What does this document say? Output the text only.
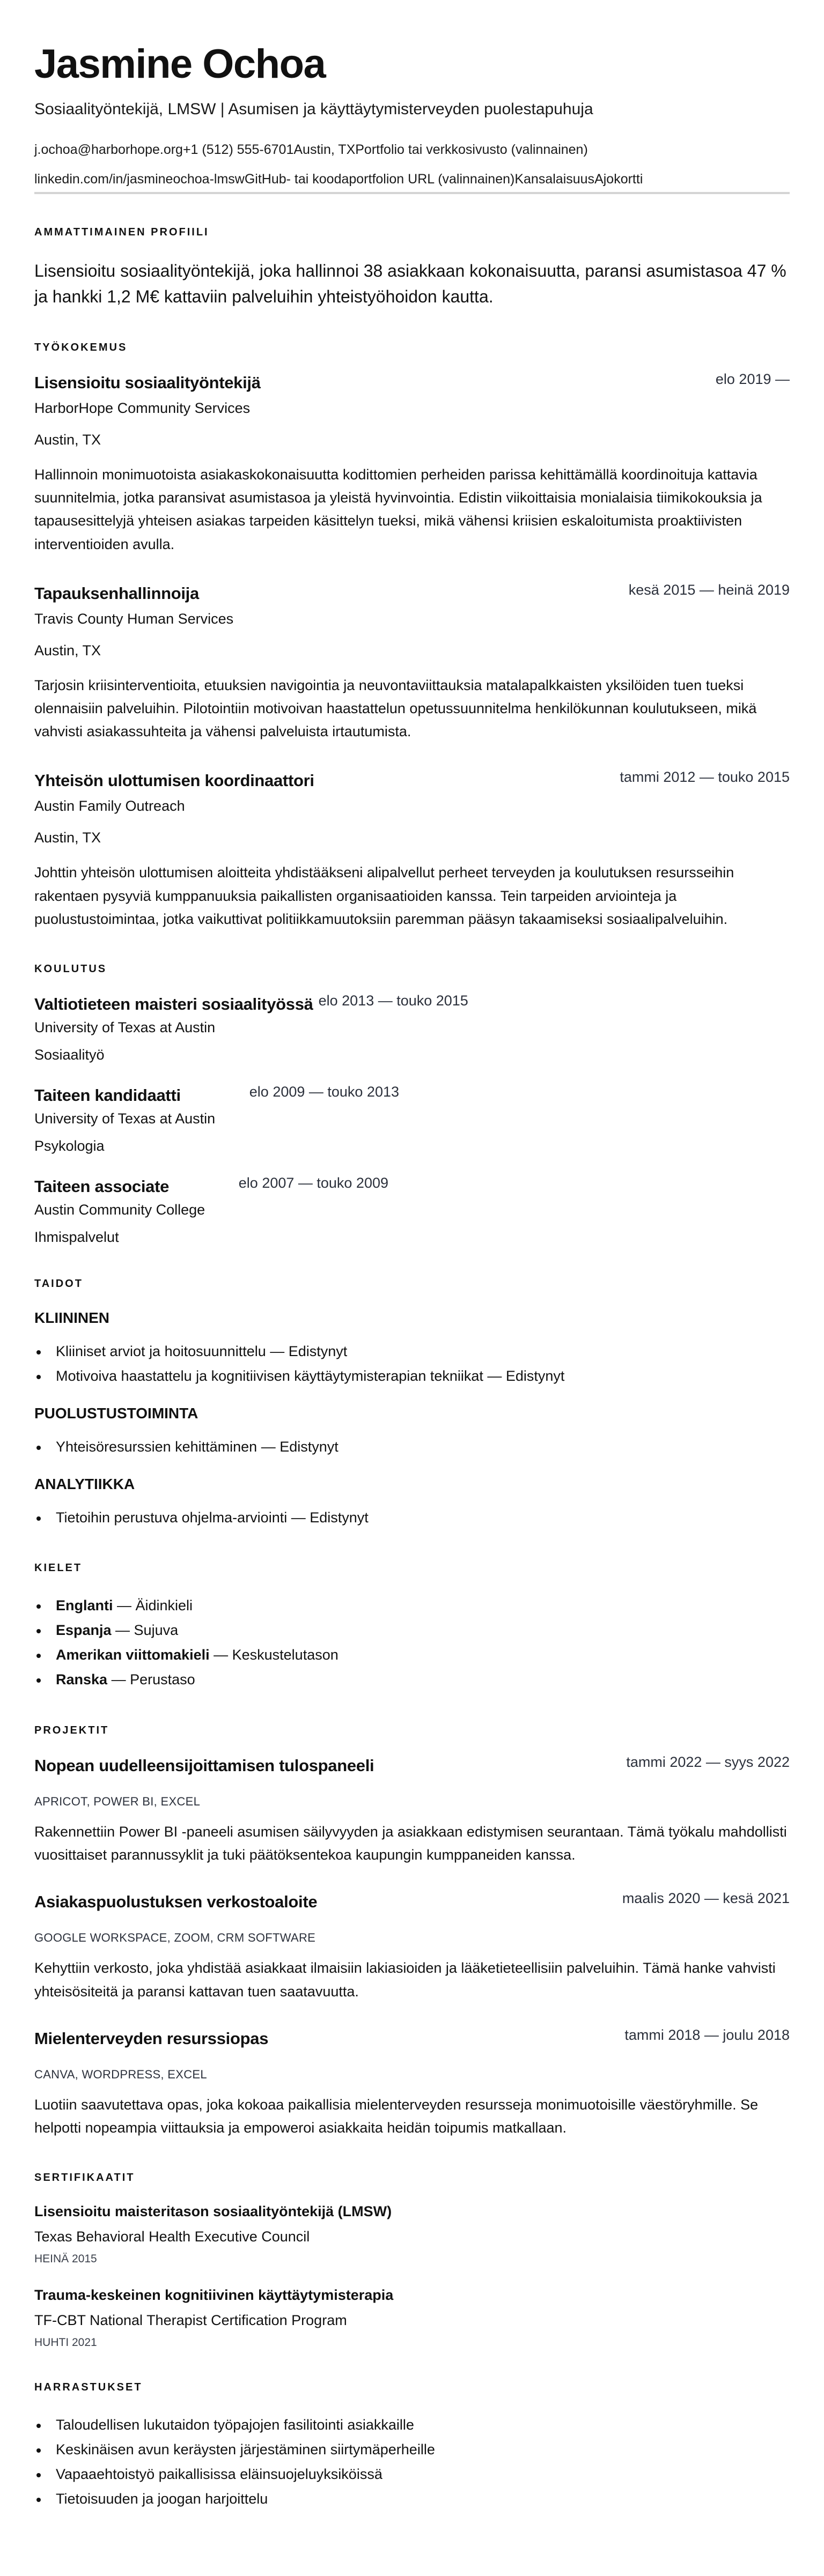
Jasmine Ochoa
Sosiaalityöntekijä, LMSW | Asumisen ja käyttäytymisterveyden puolestapuhuja
j.ochoa@harborhope.org+1 (512) 555-6701Austin, TXPortfolio tai verkkosivusto (valinnainen)
linkedin.com/in/jasmineochoa-lmswGitHub- tai koodaportfolion URL (valinnainen)KansalaisuusAjokortti
AMMATTIMAINEN PROFIILI

Lisensioitu sosiaalityöntekijä, joka hallinnoi 38 asiakkaan kokonaisuutta, paransi asumistasoa 47 % ja hankki 1,2 M€ kattaviin palveluihin yhteistyöhoidon kautta.

TYÖKOKEMUS
Lisensioitu sosiaalityöntekijä	elo 2019 —
HarborHope Community Services
Austin, TX
Hallinnoin monimuotoista asiakaskokonaisuutta kodittomien perheiden parissa kehittämällä koordinoituja kattavia suunnitelmia, jotka paransivat asumistasoa ja yleistä hyvinvointia. Edistin viikoittaisia monialaisia tiimikokouksia ja tapausesittelyjä yhteisen asiakas tarpeiden käsittelyn tueksi, mikä vähensi kriisien eskaloitumista proaktiivisten interventioiden avulla.
Tapauksenhallinnoija	kesä 2015 — heinä 2019
Travis County Human Services
Austin, TX
Tarjosin kriisinterventioita, etuuksien navigointia ja neuvontaviittauksia matalapalkkaisten yksilöiden tuen tueksi olennaisiin palveluihin. Pilotointiin motivoivan haastattelun opetussuunnitelma henkilökunnan koulutukseen, mikä vahvisti asiakassuhteita ja vähensi palveluista irtautumista.
Yhteisön ulottumisen koordinaattori	tammi 2012 — touko 2015
Austin Family Outreach
Austin, TX
Johttin yhteisön ulottumisen aloitteita yhdistääkseni alipalvellut perheet terveyden ja koulutuksen resursseihin rakentaen pysyviä kumppanuuksia paikallisten organisaatioiden kanssa. Tein tarpeiden arviointeja ja puolustustoimintaa, jotka vaikuttivat politiikkamuutoksiin paremman pääsyn takaamiseksi sosiaalipalveluihin.
KOULUTUS
Valtiotieteen maisteri sosiaalityössä elo 2013 — touko 2015
University of Texas at Austin
Sosiaalityö
Taiteen kandidaatti	elo 2009 — touko 2013
University of Texas at Austin
Psykologia
Taiteen associate	elo 2007 — touko 2009
Austin Community College
Ihmispalvelut
TAIDOT
KLIININEN
Kliiniset arviot ja hoitosuunnittelu — Edistynyt
Motivoiva haastattelu ja kognitiivisen käyttäytymisterapian tekniikat — Edistynyt
PUOLUSTUSTOIMINTA
Yhteisöresurssien kehittäminen — Edistynyt
ANALYTIIKKA
Tietoihin perustuva ohjelma-arviointi — Edistynyt
KIELET
Englanti — Äidinkieli
Espanja — Sujuva
Amerikan viittomakieli — Keskustelutason
Ranska — Perustaso
PROJEKTIT
Nopean uudelleensijoittamisen tulospaneeli	tammi 2022 — syys 2022
APRICOT, POWER BI, EXCEL
Rakennettiin Power BI -paneeli asumisen säilyvyyden ja asiakkaan edistymisen seurantaan. Tämä työkalu mahdollisti vuosittaiset parannussyklit ja tuki päätöksentekoa kaupungin kumppaneiden kanssa.
Asiakaspuolustuksen verkostoaloite	maalis 2020 — kesä 2021
GOOGLE WORKSPACE, ZOOM, CRM SOFTWARE
Kehyttiin verkosto, joka yhdistää asiakkaat ilmaisiin lakiasioiden ja lääketieteellisiin palveluihin. Tämä hanke vahvisti yhteisösiteitä ja paransi kattavan tuen saatavuutta.
Mielenterveyden resurssiopas	tammi 2018 — joulu 2018
CANVA, WORDPRESS, EXCEL
Luotiin saavutettava opas, joka kokoaa paikallisia mielenterveyden resursseja monimuotoisille väestöryhmille. Se helpotti nopeampia viittauksia ja empoweroi asiakkaita heidän toipumis matkallaan.
SERTIFIKAATIT
Lisensioitu maisteritason sosiaalityöntekijä (LMSW)
Texas Behavioral Health Executive Council
HEINÄ 2015
Trauma-keskeinen kognitiivinen käyttäytymisterapia
TF-CBT National Therapist Certification Program
HUHTI 2021
HARRASTUKSET
Taloudellisen lukutaidon työpajojen fasilitointi asiakkaille
Keskinäisen avun keräysten järjestäminen siirtymäperheille
Vapaaehtoistyö paikallisissa eläinsuojeluyksiköissä
Tietoisuuden ja joogan harjoittelu
